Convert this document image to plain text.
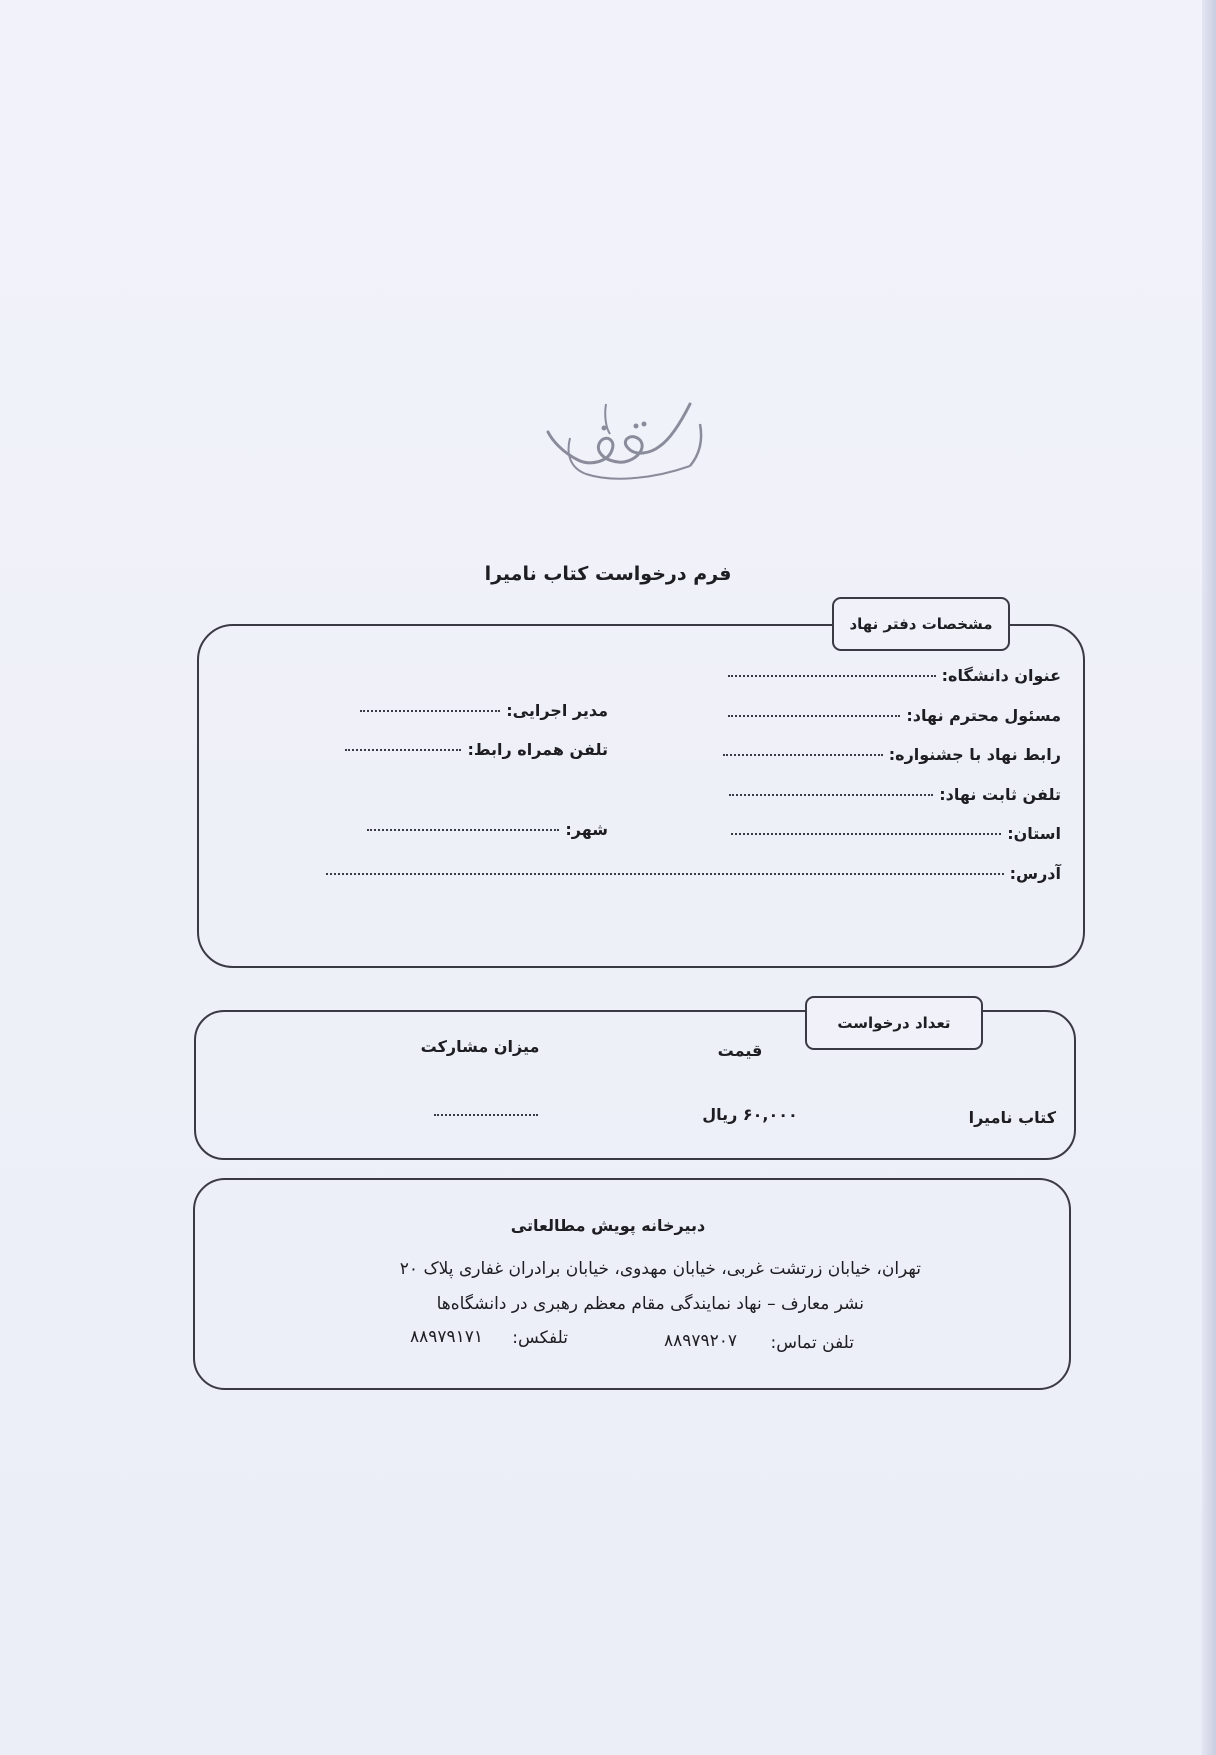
فرم درخواست کتاب نامیرا
مشخصات دفتر نهاد
عنوان دانشگاه:
مسئول محترم نهاد:
مدیر اجرایی:
رابط نهاد با جشنواره:
تلفن همراه رابط:
تلفن ثابت نهاد:
استان:
شهر:
آدرس:
تعداد درخواست
قیمت
میزان مشارکت
کتاب نامیرا
۶۰,۰۰۰ ریال
دبیرخانه پویش مطالعاتی
تهران، خیابان زرتشت غربی، خیابان مهدوی، خیابان برادران غفاری پلاک ۲۰
نشر معارف – نهاد نمایندگی مقام معظم رهبری در دانشگاه‌ها
تلفن تماس:
۸۸۹۷۹۲۰۷
تلفکس:
۸۸۹۷۹۱۷۱
